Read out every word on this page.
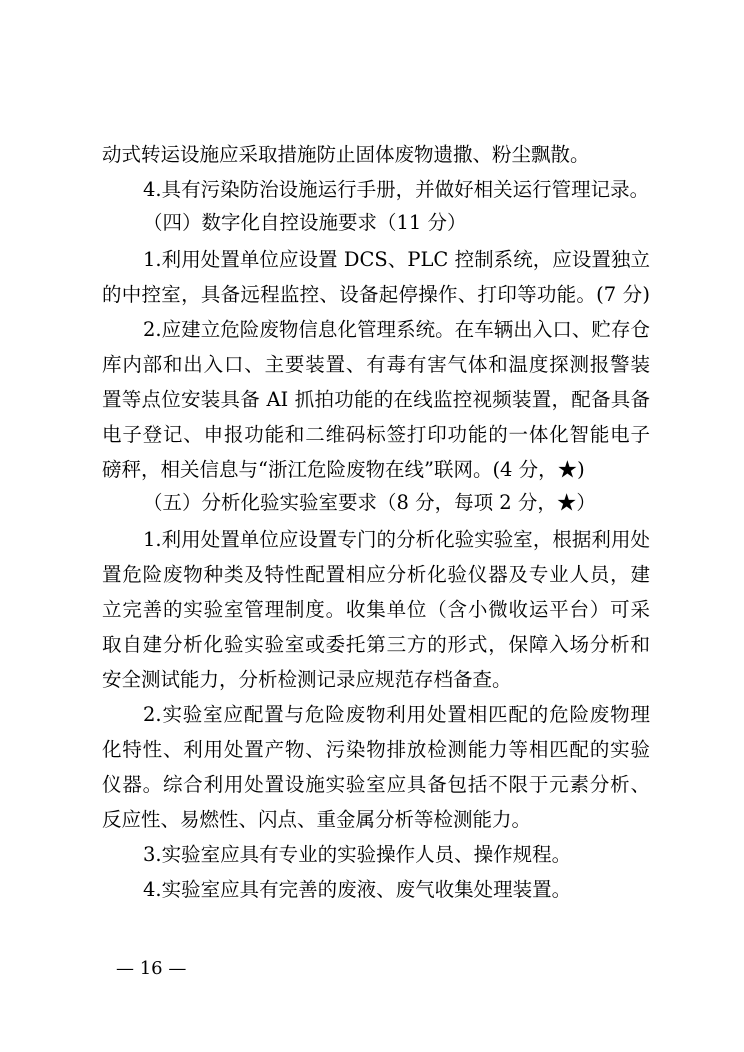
动式转运设施应采取措施防止固体废物遗撒、粉尘飘散。

4.具有污染防治设施运行手册，并做好相关运行管理记录。

（四）数字化自控设施要求（11 分）

1.利用处置单位应设置 DCS、PLC 控制系统，应设置独立

的中控室，具备远程监控、设备起停操作、打印等功能。(7 分)

2.应建立危险废物信息化管理系统。在车辆出入口、贮存仓

库内部和出入口、主要装置、有毒有害气体和温度探测报警装

置等点位安装具备 AI 抓拍功能的在线监控视频装置，配备具备

电子登记、申报功能和二维码标签打印功能的一体化智能电子

磅秤，相关信息与“浙江危险废物在线”联网。(4 分，★)

（五）分析化验实验室要求（8 分，每项 2 分，★）

1.利用处置单位应设置专门的分析化验实验室，根据利用处

置危险废物种类及特性配置相应分析化验仪器及专业人员，建

立完善的实验室管理制度。收集单位（含小微收运平台）可采

取自建分析化验实验室或委托第三方的形式，保障入场分析和

安全测试能力，分析检测记录应规范存档备查。

2.实验室应配置与危险废物利用处置相匹配的危险废物理

化特性、利用处置产物、污染物排放检测能力等相匹配的实验

仪器。综合利用处置设施实验室应具备包括不限于元素分析、

反应性、易燃性、闪点、重金属分析等检测能力。

3.实验室应具有专业的实验操作人员、操作规程。

4.实验室应具有完善的废液、废气收集处理装置。

— 16 —
